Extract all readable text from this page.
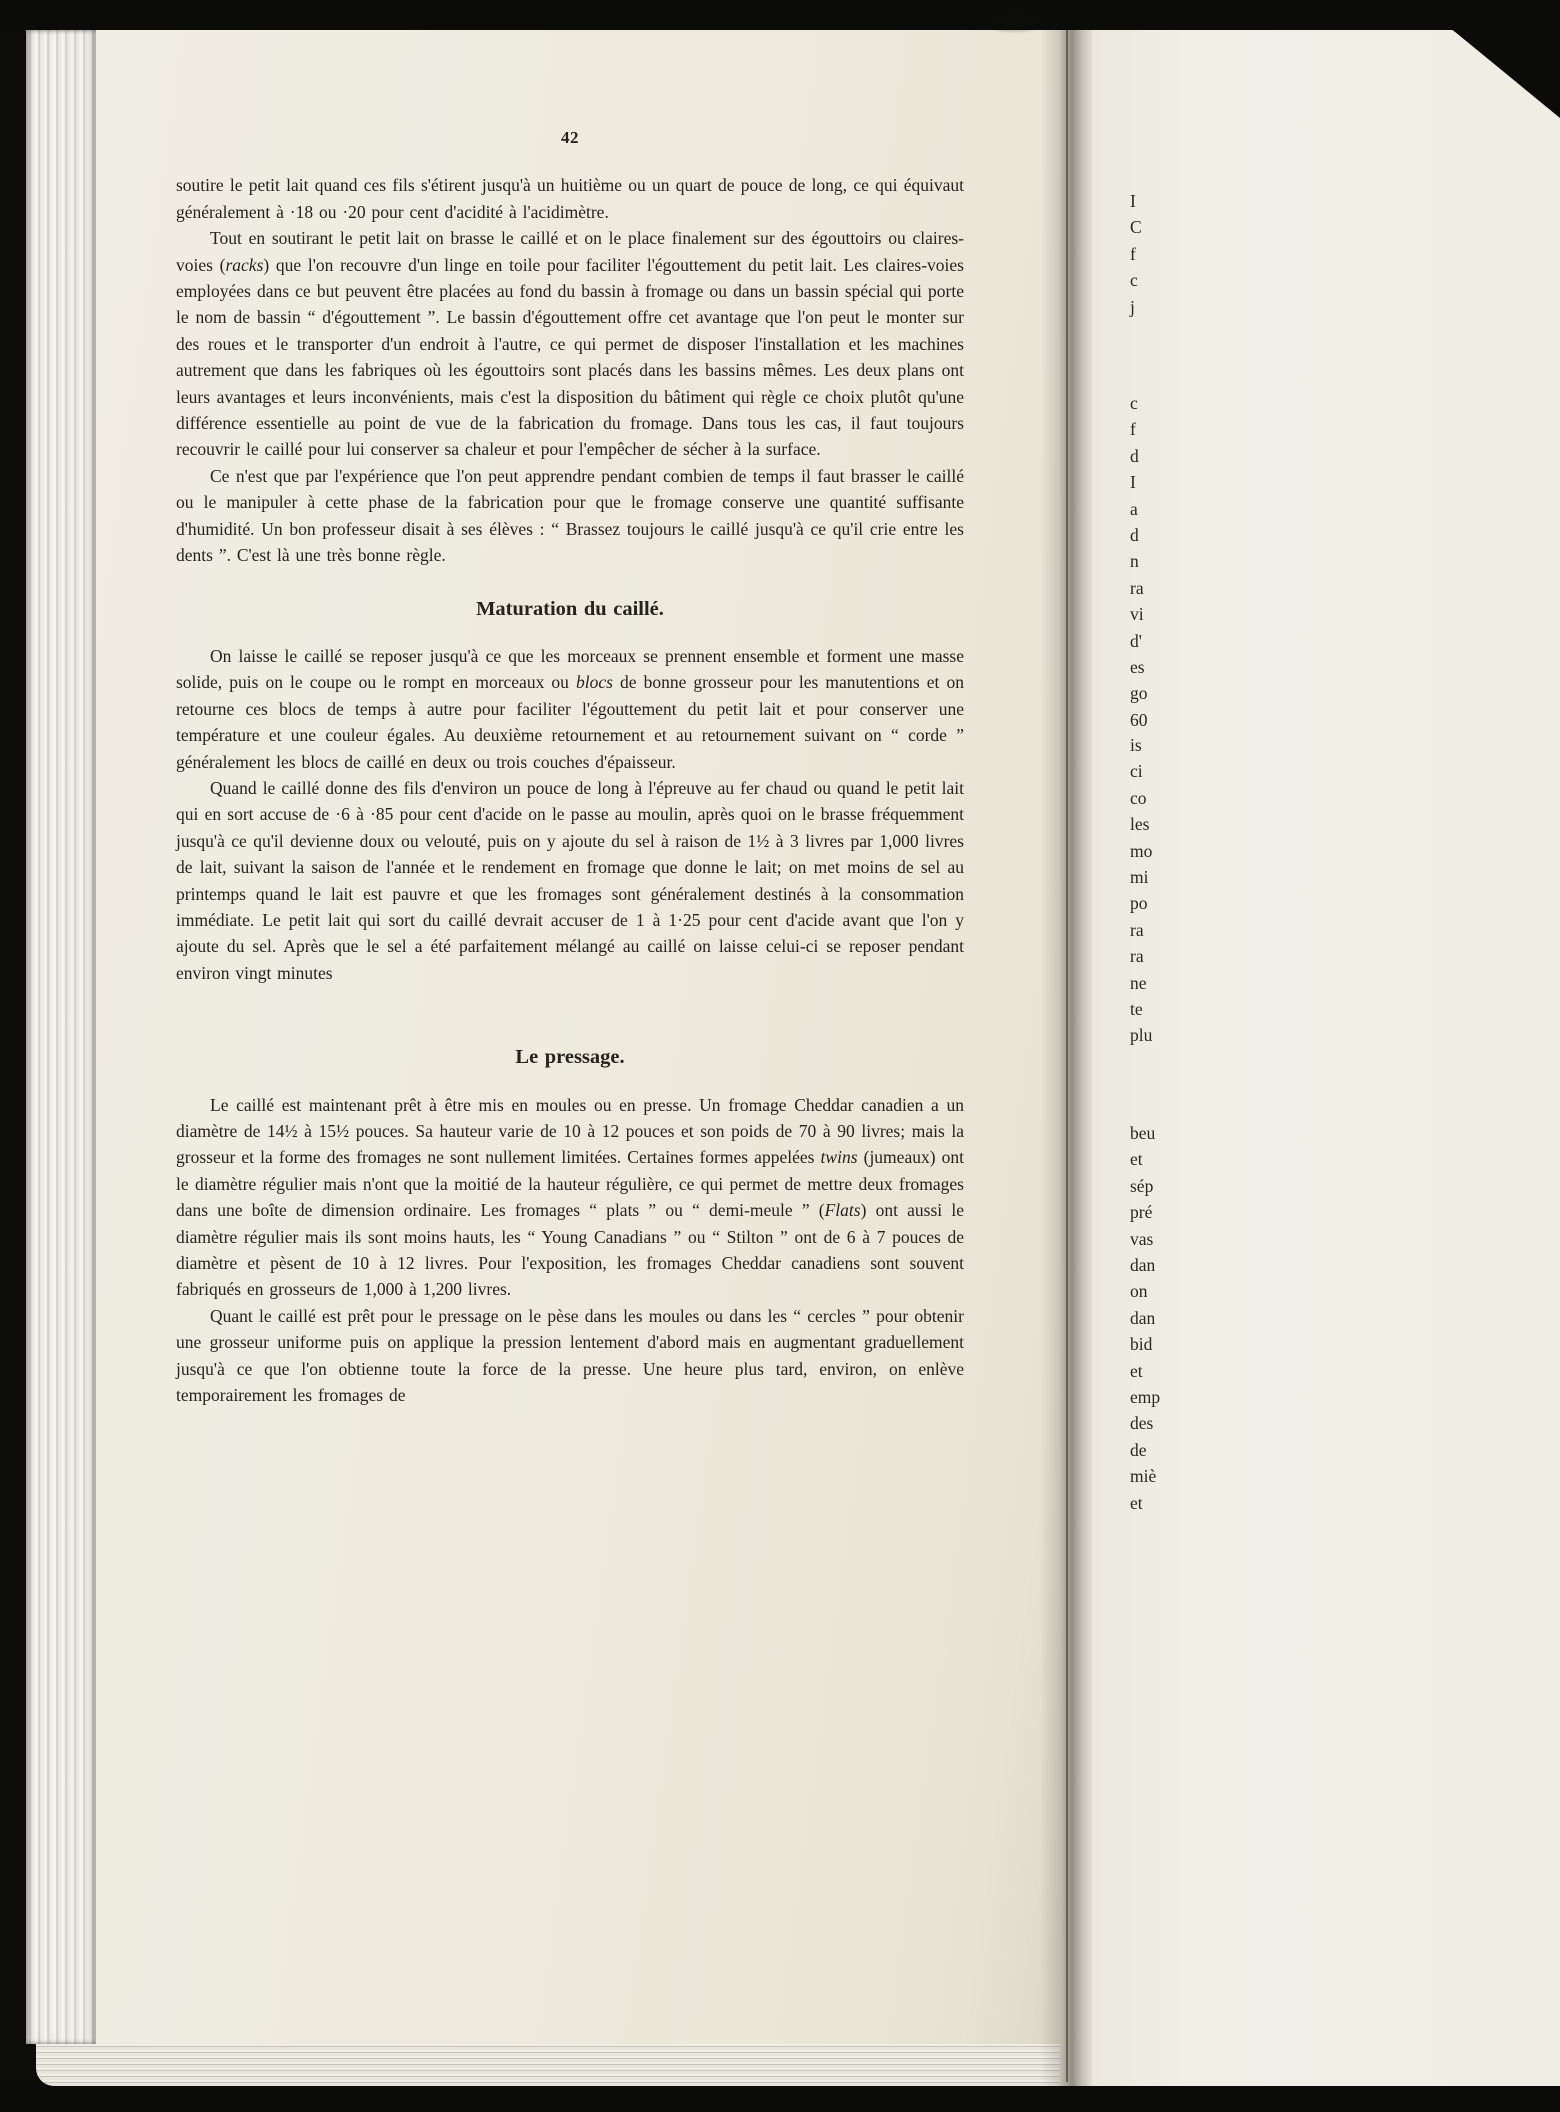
42

soutire le petit lait quand ces fils s'étirent jusqu'à un huitième ou un quart de pouce de long, ce qui équivaut généralement à ·18 ou ·20 pour cent d'acidité à l'acidimètre.

Tout en soutirant le petit lait on brasse le caillé et on le place finalement sur des égouttoirs ou claires-voies (racks) que l'on recouvre d'un linge en toile pour faciliter l'égouttement du petit lait. Les claires-voies employées dans ce but peuvent être placées au fond du bassin à fromage ou dans un bassin spécial qui porte le nom de bassin “ d'égouttement ”. Le bassin d'égouttement offre cet avantage que l'on peut le monter sur des roues et le transporter d'un endroit à l'autre, ce qui permet de disposer l'installation et les machines autrement que dans les fabriques où les égouttoirs sont placés dans les bassins mêmes. Les deux plans ont leurs avantages et leurs inconvénients, mais c'est la disposition du bâtiment qui règle ce choix plutôt qu'une différence essentielle au point de vue de la fabrication du fromage. Dans tous les cas, il faut toujours recouvrir le caillé pour lui conserver sa chaleur et pour l'empêcher de sécher à la surface.

Ce n'est que par l'expérience que l'on peut apprendre pendant combien de temps il faut brasser le caillé ou le manipuler à cette phase de la fabrication pour que le fromage conserve une quantité suffisante d'humidité. Un bon professeur disait à ses élèves : “ Brassez toujours le caillé jusqu'à ce qu'il crie entre les dents ”. C'est là une très bonne règle.

Maturation du caillé.

On laisse le caillé se reposer jusqu'à ce que les morceaux se prennent ensemble et forment une masse solide, puis on le coupe ou le rompt en morceaux ou blocs de bonne grosseur pour les manutentions et on retourne ces blocs de temps à autre pour faciliter l'égouttement du petit lait et pour conserver une température et une couleur égales. Au deuxième retournement et au retournement suivant on “ corde ” généralement les blocs de caillé en deux ou trois couches d'épaisseur.

Quand le caillé donne des fils d'environ un pouce de long à l'épreuve au fer chaud ou quand le petit lait qui en sort accuse de ·6 à ·85 pour cent d'acide on le passe au moulin, après quoi on le brasse fréquemment jusqu'à ce qu'il devienne doux ou velouté, puis on y ajoute du sel à raison de 1½ à 3 livres par 1,000 livres de lait, suivant la saison de l'année et le rendement en fromage que donne le lait; on met moins de sel au printemps quand le lait est pauvre et que les fromages sont généralement destinés à la consommation immédiate. Le petit lait qui sort du caillé devrait accuser de 1 à 1·25 pour cent d'acide avant que l'on y ajoute du sel. Après que le sel a été parfaitement mélangé au caillé on laisse celui-ci se reposer pendant environ vingt minutes

Le pressage.

Le caillé est maintenant prêt à être mis en moules ou en presse. Un fromage Cheddar canadien a un diamètre de 14½ à 15½ pouces. Sa hauteur varie de 10 à 12 pouces et son poids de 70 à 90 livres; mais la grosseur et la forme des fromages ne sont nullement limitées. Certaines formes appelées twins (jumeaux) ont le diamètre régulier mais n'ont que la moitié de la hauteur régulière, ce qui permet de mettre deux fromages dans une boîte de dimension ordinaire. Les fromages “ plats ” ou “ demi-meule ” (Flats) ont aussi le diamètre régulier mais ils sont moins hauts, les “ Young Canadians ” ou “ Stilton ” ont de 6 à 7 pouces de diamètre et pèsent de 10 à 12 livres. Pour l'exposition, les fromages Cheddar canadiens sont souvent fabriqués en grosseurs de 1,000 à 1,200 livres.

Quant le caillé est prêt pour le pressage on le pèse dans les moules ou dans les “ cercles ” pour obtenir une grosseur uniforme puis on applique la pression lentement d'abord mais en augmentant graduellement jusqu'à ce que l'on obtienne toute la force de la presse. Une heure plus tard, environ, on enlève temporairement les fromages de

I
C
f
c
j
c
f
d
I
a
d
n
ra
vi
d'
es
go
60
is
ci
co
les
mo
mi
po
ra
ra
ne
te
plu
beu
et
sép
pré
vas
dan
on
dan
bid
et
emp
des
de
miè
et
